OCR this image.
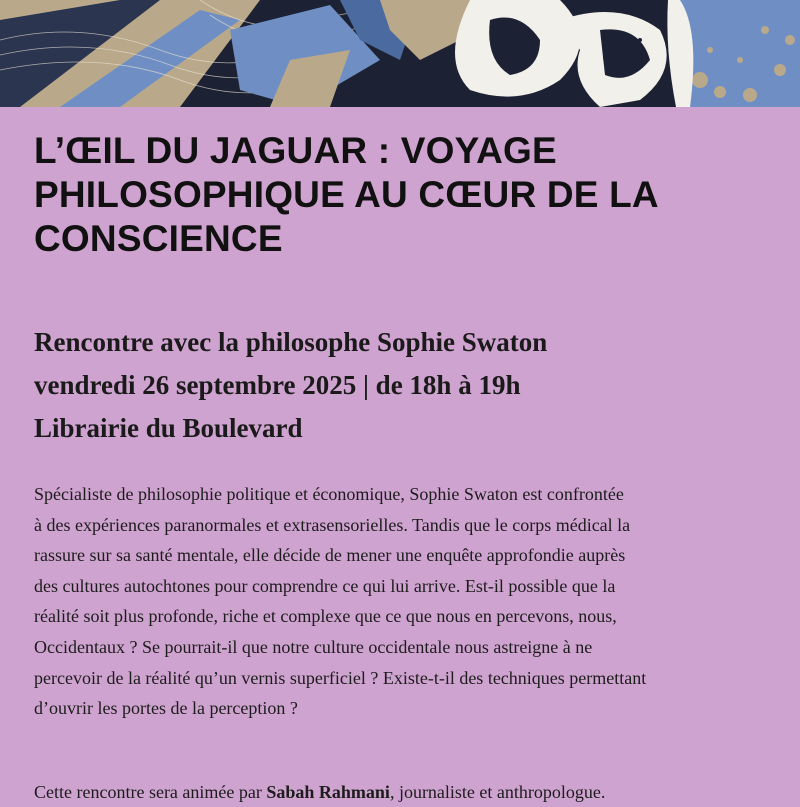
L’ŒIL DU JAGUAR : VOYAGE
PHILOSOPHIQUE AU CŒUR DE LA
CONSCIENCE
Rencontre avec la philosophe Sophie Swaton
vendredi 26 septembre 2025 | de 18h à 19h
Librairie du Boulevard
Spécialiste de philosophie politique et économique, Sophie Swaton est confrontée
à des expériences paranormales et extrasensorielles. Tandis que le corps médical la
rassure sur sa santé mentale, elle décide de mener une enquête approfondie auprès
des cultures autochtones pour comprendre ce qui lui arrive. Est-il possible que la
réalité soit plus profonde, riche et complexe que ce que nous en percevons, nous,
Occidentaux ? Se pourrait-il que notre culture occidentale nous astreigne à ne
percevoir de la réalité qu’un vernis superficiel ? Existe-t-il des techniques permettant
d’ouvrir les portes de la perception ?
Cette rencontre sera animée par Sabah Rahmani, journaliste et anthropologue.
